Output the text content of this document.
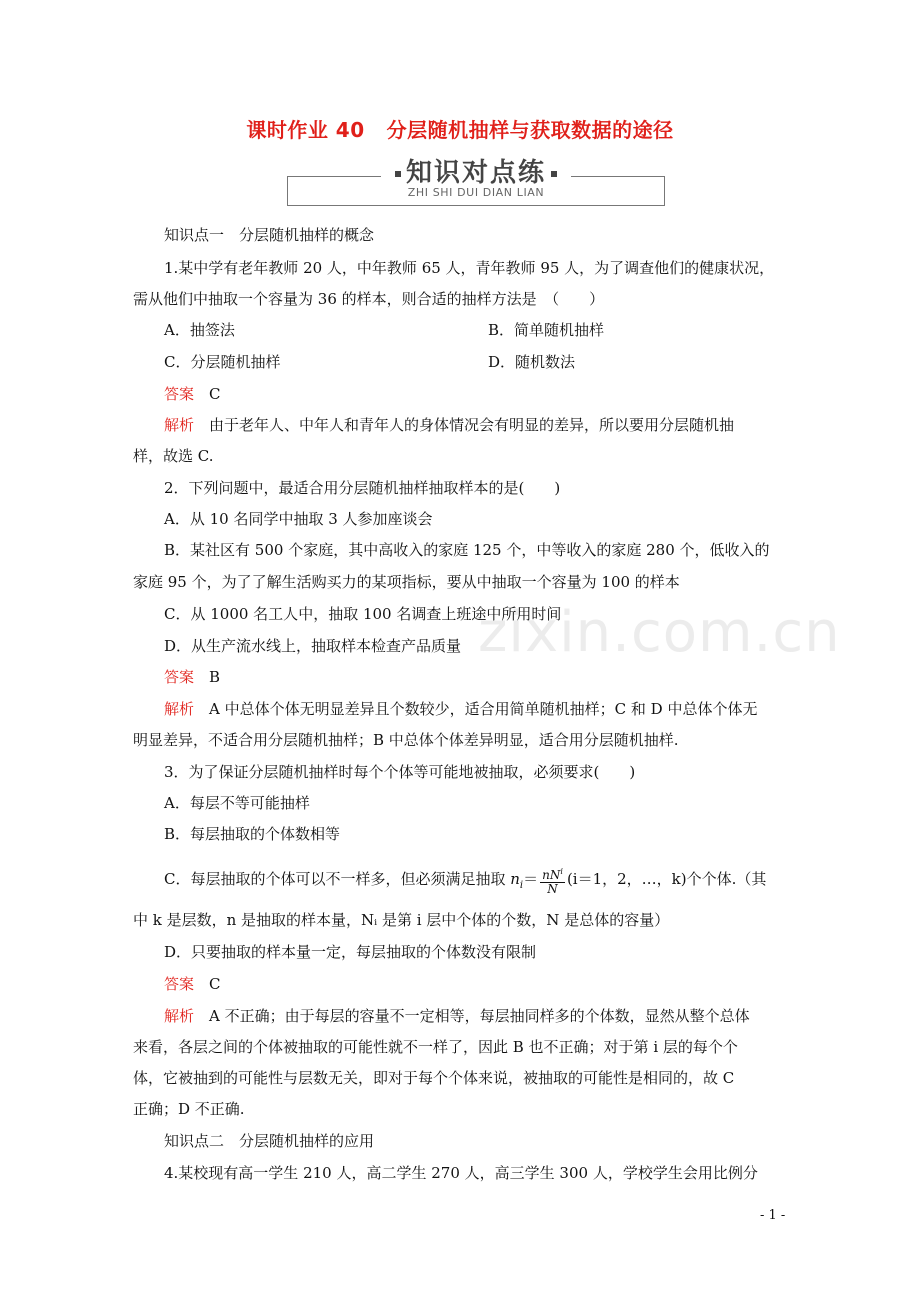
课时作业 40 分层随机抽样与获取数据的途径
知识对点练
ZHI SHI DUI DIAN LIAN
zixin.com.cn
知识点一　分层随机抽样的概念
1.某中学有老年教师 20 人，中年教师 65 人，青年教师 95 人，为了调查他们的健康状况，
需从他们中抽取一个容量为 36 的样本，则合适的抽样方法是　（　　）
A．抽签法	B．简单随机抽样
C．分层随机抽样	D．随机数法
答案　 C
解析　 由于老年人、中年人和青年人的身体情况会有明显的差异，所以要用分层随机抽
样，故选 C.
2．下列问题中，最适合用分层随机抽样抽取样本的是(　　)
A．从 10 名同学中抽取 3 人参加座谈会
B．某社区有 500 个家庭，其中高收入的家庭 125 个，中等收入的家庭 280 个，低收入的
家庭 95 个，为了了解生活购买力的某项指标，要从中抽取一个容量为 100 的样本
C．从 1000 名工人中，抽取 100 名调查上班途中所用时间
D．从生产流水线上，抽取样本检查产品质量
答案　 B
解析　 A 中总体个体无明显差异且个数较少，适合用简单随机抽样；C 和 D 中总体个体无
明显差异，不适合用分层随机抽样；B 中总体个体差异明显，适合用分层随机抽样.
3．为了保证分层随机抽样时每个个体等可能地被抽取，必须要求(　　)
A．每层不等可能抽样
B．每层抽取的个体数相等
C．每层抽取的个体可以不一样多，但必须满足抽取 $n_i= \frac{nN^i}{N} (i=1$，2，…，k)个个体.（其
中 k 是层数，n 是抽取的样本量，Nᵢ 是第 i 层中个体的个数，N 是总体的容量）
D．只要抽取的样本量一定，每层抽取的个体数没有限制
答案　 C
解析　 A 不正确；由于每层的容量不一定相等，每层抽同样多的个体数，显然从整个总体
来看，各层之间的个体被抽取的可能性就不一样了，因此 B 也不正确；对于第 i 层的每个个
体，它被抽到的可能性与层数无关，即对于每个个体来说，被抽取的可能性是相同的，故 C
正确；D 不正确.
知识点二　分层随机抽样的应用
4.某校现有高一学生 210 人，高二学生 270 人，高三学生 300 人，学校学生会用比例分
- 1 -
